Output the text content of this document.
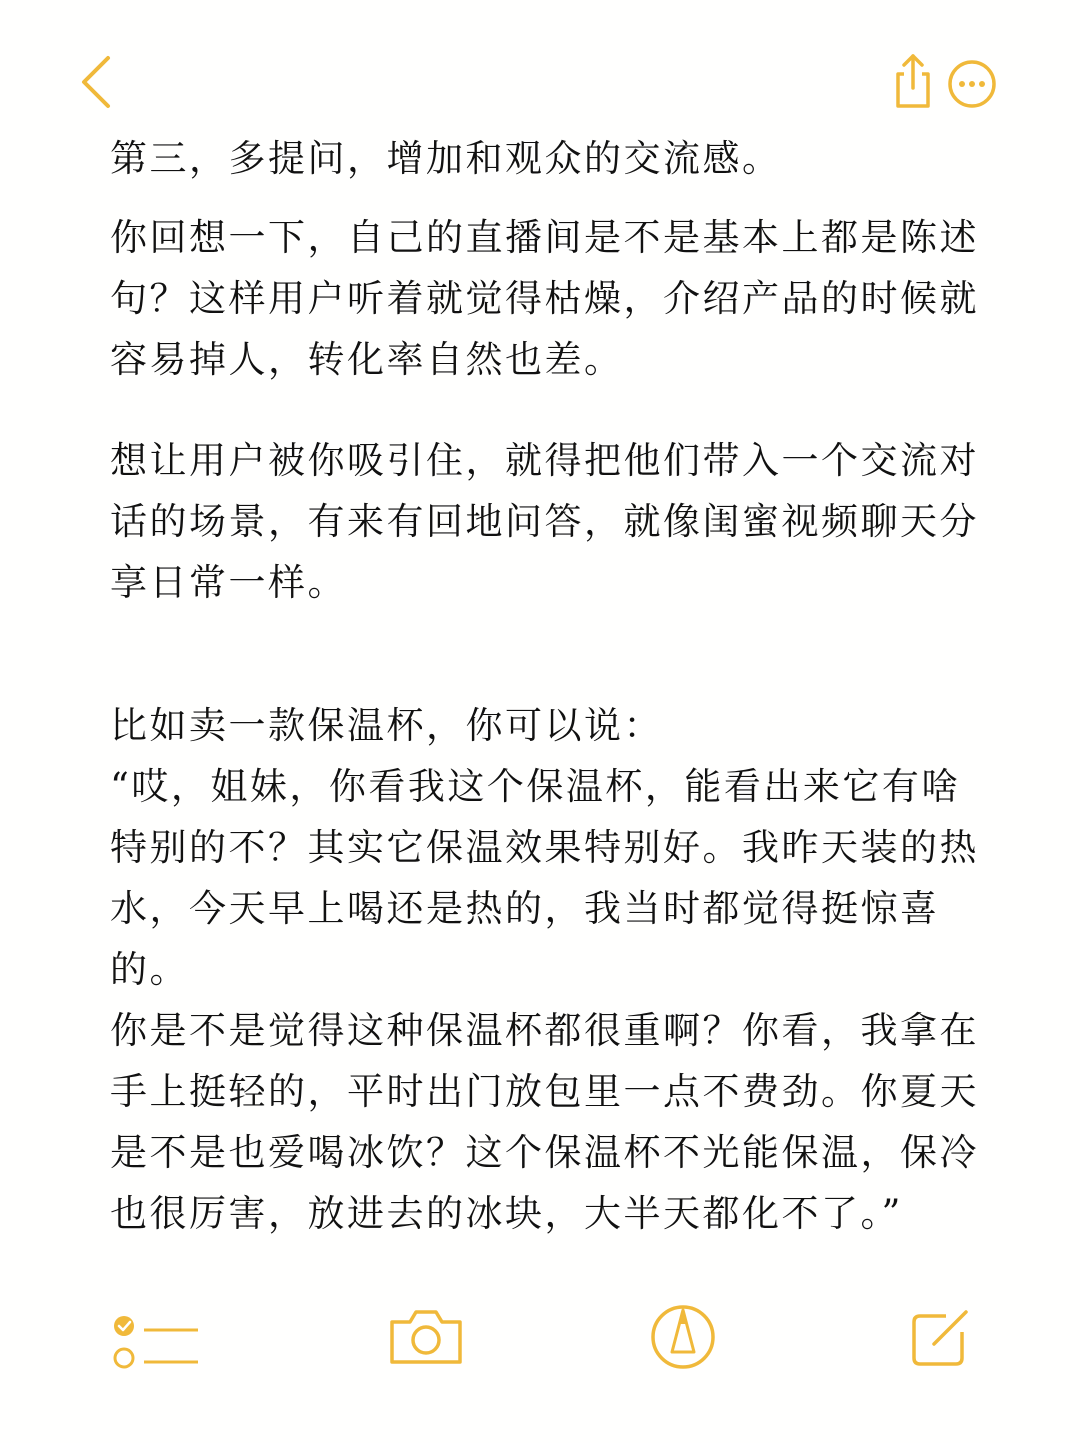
第三，多提问，增加和观众的交流感。

你回想一下，自己的直播间是不是基本上都是陈述句？这样用户听着就觉得枯燥，介绍产品的时候就容易掉人，转化率自然也差。

想让用户被你吸引住，就得把他们带入一个交流对话的场景，有来有回地问答，就像闺蜜视频聊天分享日常一样。

比如卖一款保温杯，你可以说：

“哎，姐妹，你看我这个保温杯，能看出来它有啥特别的不？其实它保温效果特别好。我昨天装的热水，今天早上喝还是热的，我当时都觉得挺惊喜的。

你是不是觉得这种保温杯都很重啊？你看，我拿在手上挺轻的，平时出门放包里一点不费劲。你夏天是不是也爱喝冰饮？这个保温杯不光能保温，保冷也很厉害，放进去的冰块，大半天都化不了。”
